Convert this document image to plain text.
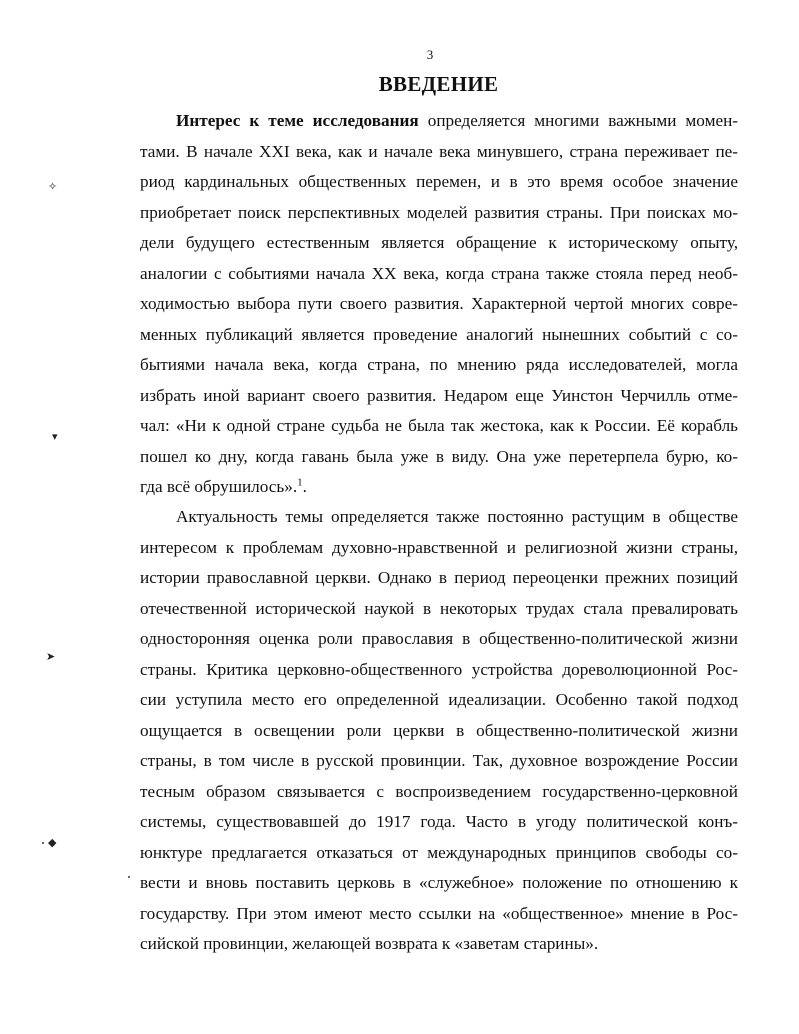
3
ВВЕДЕНИЕ
Интерес к теме исследования определяется многими важными момен-
тами. В начале XXI века, как и начале века минувшего, страна переживает пе-
риод кардинальных общественных перемен, и в это время особое значение
приобретает поиск перспективных моделей развития страны. При поисках мо-
дели будущего естественным является обращение к историческому опыту,
аналогии с событиями начала XX века, когда страна также стояла перед необ-
ходимостью выбора пути своего развития. Характерной чертой многих совре-
менных публикаций является проведение аналогий нынешних событий с со-
бытиями начала века, когда страна, по мнению ряда исследователей, могла
избрать иной вариант своего развития. Недаром еще Уинстон Черчилль отме-
чал: «Ни к одной стране судьба не была так жестока, как к России. Её корабль
пошел ко дну, когда гавань была уже в виду. Она уже перетерпела бурю, ко-
гда всё обрушилось».$^1$.
Актуальность темы определяется также постоянно растущим в обществе
интересом к проблемам духовно-нравственной и религиозной жизни страны,
истории православной церкви. Однако в период переоценки прежних позиций
отечественной исторической наукой в некоторых трудах стала превалировать
односторонняя оценка роли православия в общественно-политической жизни
страны. Критика церковно-общественного устройства дореволюционной Рос-
сии уступила место его определенной идеализации. Особенно такой подход
ощущается в освещении роли церкви в общественно-политической жизни
страны, в том числе в русской провинции. Так, духовное возрождение России
тесным образом связывается с воспроизведением государственно-церковной
системы, существовавшей до 1917 года. Часто в угоду политической конъ-
юнктуре предлагается отказаться от международных принципов свободы со-
вести и вновь поставить церковь в «служебное» положение по отношению к
государству. При этом имеют место ссылки на «общественное» мнение в Рос-
сийской провинции, желающей возврата к «заветам старины».
✧
▾
➤
◆
